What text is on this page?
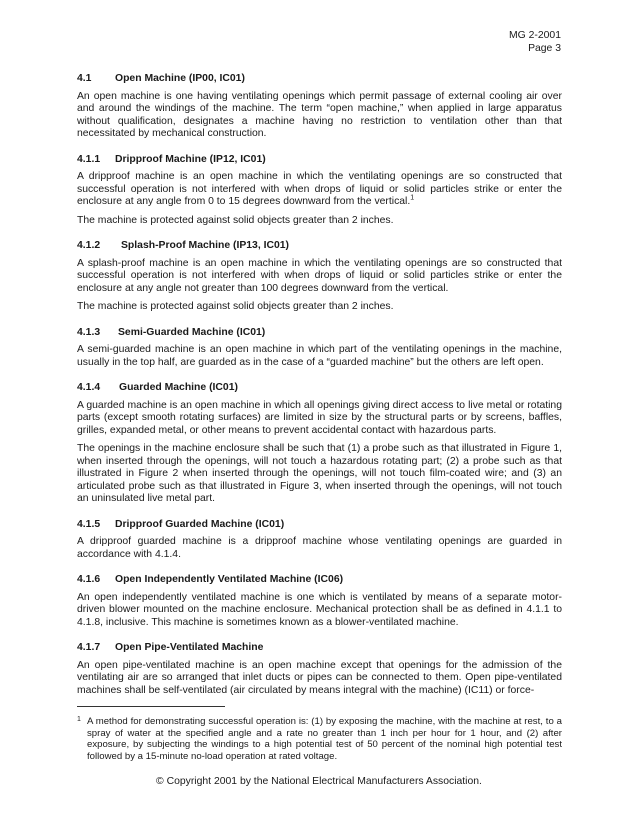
MG 2-2001
Page 3
4.1	Open Machine (IP00, IC01)

An open machine is one having ventilating openings which permit passage of external cooling air over and around the windings of the machine. The term “open machine,” when applied in large apparatus without qualification, designates a machine having no restriction to ventilation other than that necessitated by mechanical construction.

4.1.1	Dripproof Machine (IP12, IC01)

A dripproof machine is an open machine in which the ventilating openings are so constructed that successful operation is not interfered with when drops of liquid or solid particles strike or enter the enclosure at any angle from 0 to 15 degrees downward from the vertical.$^1$

The machine is protected against solid objects greater than 2 inches.

4.1.2	Splash-Proof Machine (IP13, IC01)

A splash-proof machine is an open machine in which the ventilating openings are so constructed that successful operation is not interfered with when drops of liquid or solid particles strike or enter the enclosure at any angle not greater than 100 degrees downward from the vertical.

The machine is protected against solid objects greater than 2 inches.

4.1.3	Semi-Guarded Machine (IC01)

A semi-guarded machine is an open machine in which part of the ventilating openings in the machine, usually in the top half, are guarded as in the case of a “guarded machine” but the others are left open.

4.1.4	Guarded Machine (IC01)

A guarded machine is an open machine in which all openings giving direct access to live metal or rotating parts (except smooth rotating surfaces) are limited in size by the structural parts or by screens, baffles, grilles, expanded metal, or other means to prevent accidental contact with hazardous parts.

The openings in the machine enclosure shall be such that (1) a probe such as that illustrated in Figure 1, when inserted through the openings, will not touch a hazardous rotating part; (2) a probe such as that illustrated in Figure 2 when inserted through the openings, will not touch film-coated wire; and (3) an articulated probe such as that illustrated in Figure 3, when inserted through the openings, will not touch an uninsulated live metal part.

4.1.5	Dripproof Guarded Machine (IC01)

A dripproof guarded machine is a dripproof machine whose ventilating openings are guarded in accordance with 4.1.4.

4.1.6	Open Independently Ventilated Machine (IC06)

An open independently ventilated machine is one which is ventilated by means of a separate motor-driven blower mounted on the machine enclosure. Mechanical protection shall be as defined in 4.1.1 to 4.1.8, inclusive. This machine is sometimes known as a blower-ventilated machine.

4.1.7	Open Pipe-Ventilated Machine

An open pipe-ventilated machine is an open machine except that openings for the admission of the ventilating air are so arranged that inlet ducts or pipes can be connected to them. Open pipe-ventilated machines shall be self-ventilated (air circulated by means integral with the machine) (IC11) or force-

$^1$ A method for demonstrating successful operation is: (1) by exposing the machine, with the machine at rest, to a spray of water at the specified angle and a rate no greater than 1 inch per hour for 1 hour, and (2) after exposure, by subjecting the windings to a high potential test of 50 percent of the nominal high potential test followed by a 15-minute no-load operation at rated voltage.
© Copyright 2001 by the National Electrical Manufacturers Association.
